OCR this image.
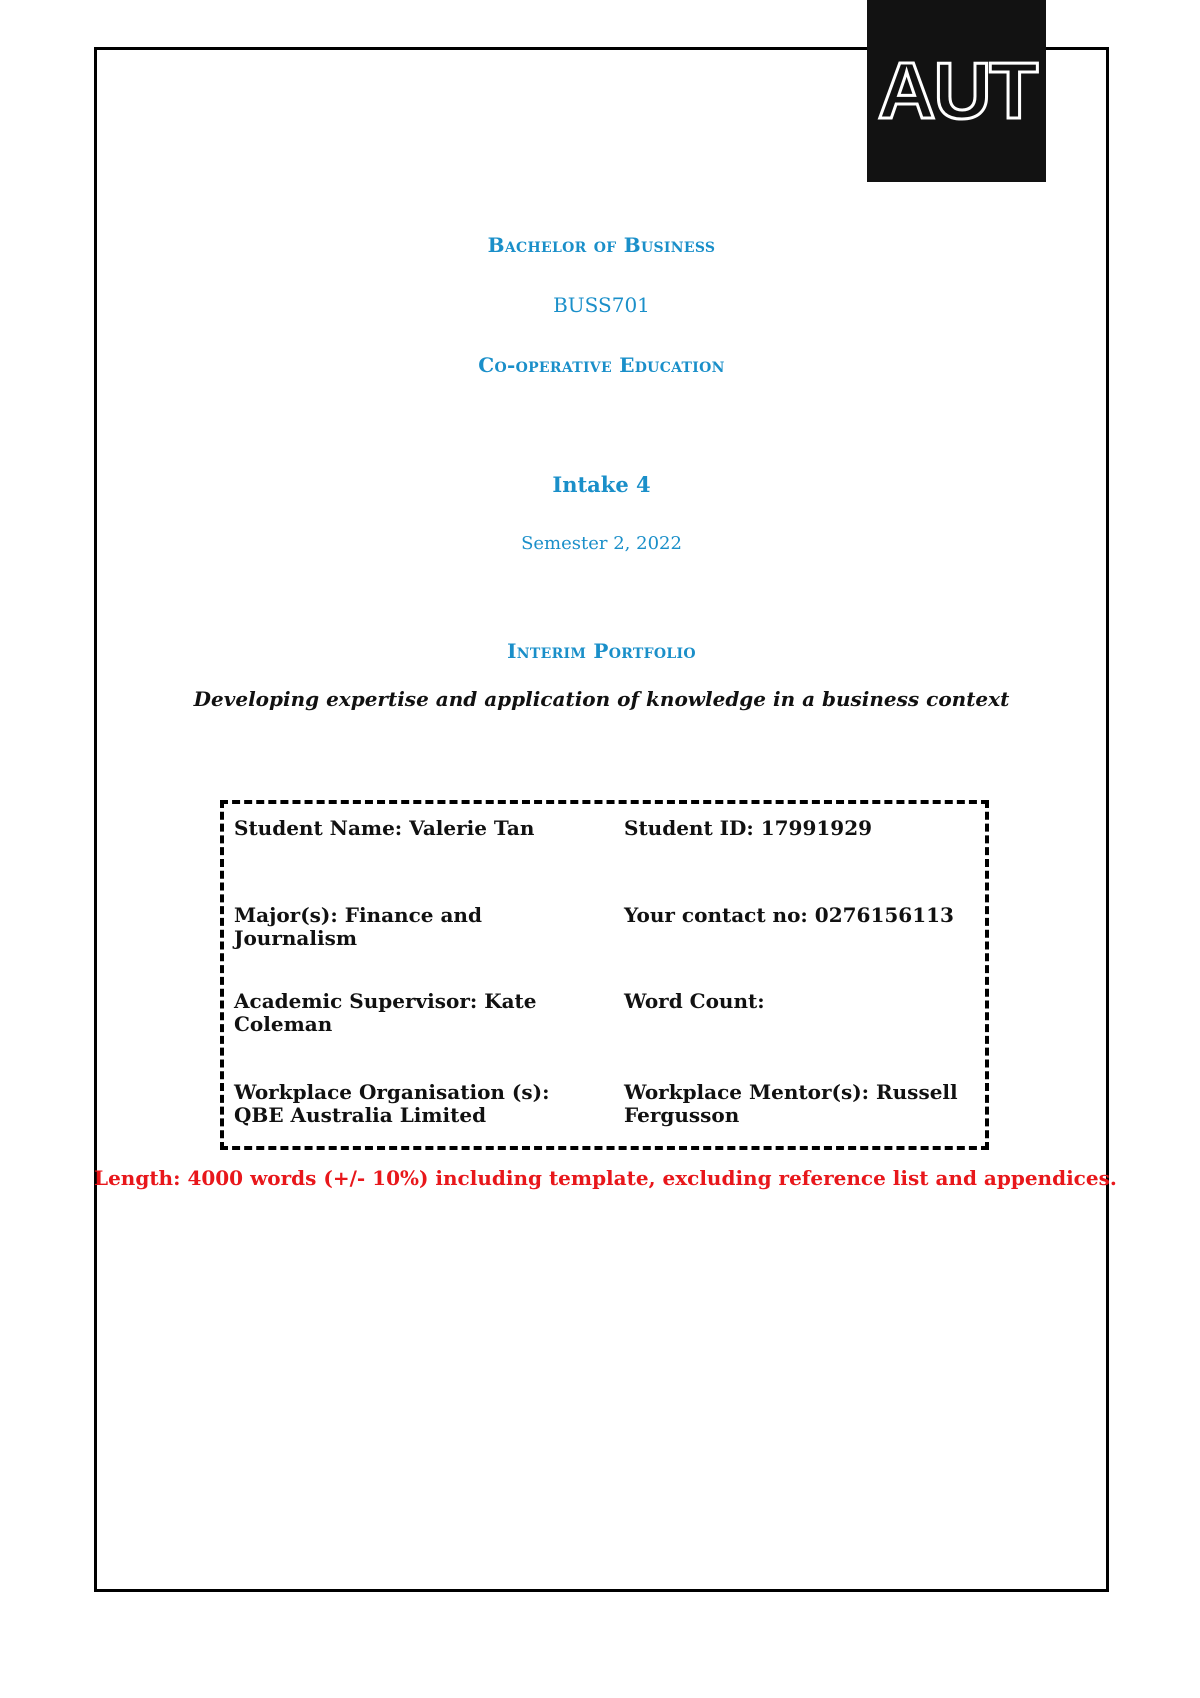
AUT

Bachelor of Business

BUSS701

Co-operative Education

Intake 4

Semester 2, 2022

Interim Portfolio

Developing expertise and application of knowledge in a business context

Student Name: Valerie Tan	Student ID: 17991929
Major(s): Finance and Journalism
Your contact no: 0276156113
Academic Supervisor: Kate Coleman
Word Count:
Workplace Organisation (s): QBE Australia Limited
Workplace Mentor(s): Russell Fergusson

Length: 4000 words (+/- 10%) including template, excluding reference list and appendices.
